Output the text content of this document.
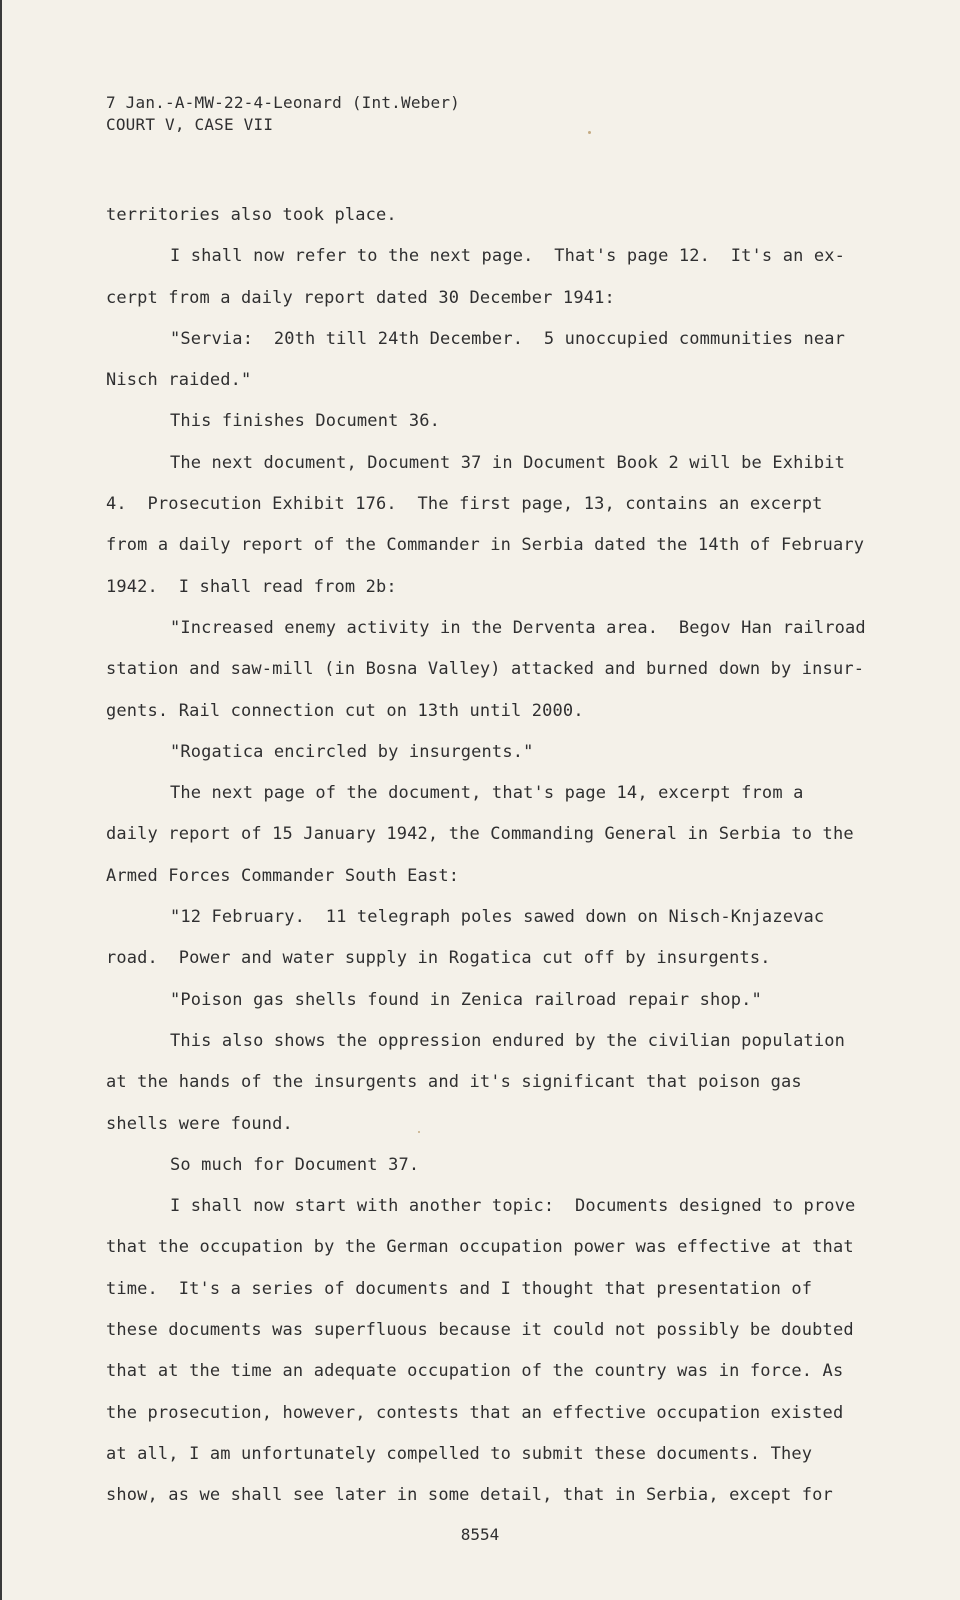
7 Jan.-A-MW-22-4-Leonard (Int.Weber)
COURT V, CASE VII

territories also took place.

I shall now refer to the next page.  That's page 12.  It's an ex-

cerpt from a daily report dated 30 December 1941:

"Servia:  20th till 24th December.  5 unoccupied communities near

Nisch raided."

This finishes Document 36.

The next document, Document 37 in Document Book 2 will be Exhibit

4.  Prosecution Exhibit 176.  The first page, 13, contains an excerpt

from a daily report of the Commander in Serbia dated the 14th of February

1942.  I shall read from 2b:

"Increased enemy activity in the Derventa area.  Begov Han railroad

station and saw-mill (in Bosna Valley) attacked and burned down by insur-

gents. Rail connection cut on 13th until 2000.

"Rogatica encircled by insurgents."

The next page of the document, that's page 14, excerpt from a

daily report of 15 January 1942, the Commanding General in Serbia to the

Armed Forces Commander South East:

"12 February.  11 telegraph poles sawed down on Nisch-Knjazevac

road.  Power and water supply in Rogatica cut off by insurgents.

"Poison gas shells found in Zenica railroad repair shop."

This also shows the oppression endured by the civilian population

at the hands of the insurgents and it's significant that poison gas

shells were found.

So much for Document 37.

I shall now start with another topic:  Documents designed to prove

that the occupation by the German occupation power was effective at that

time.  It's a series of documents and I thought that presentation of

these documents was superfluous because it could not possibly be doubted

that at the time an adequate occupation of the country was in force. As

the prosecution, however, contests that an effective occupation existed

at all, I am unfortunately compelled to submit these documents. They

show, as we shall see later in some detail, that in Serbia, except for

8554
